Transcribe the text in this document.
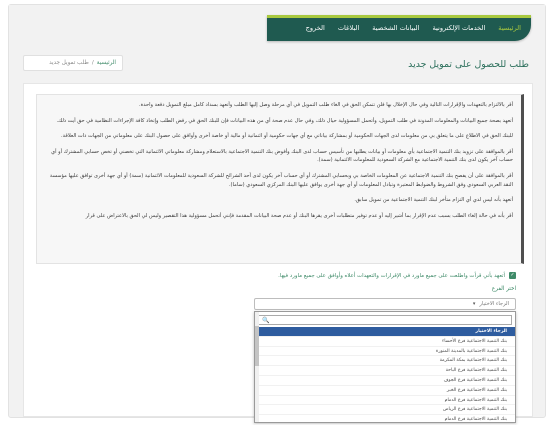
الرئيسية
الخدمات الإلكترونية
البيانات الشخصية
البلاغات
الخروج
الرئيسية
/
طلب تمويل جديد	طلب للحصول على تمويل جديد

أقر بالالتزام بالتعهدات والإقرارات التالية وفي حال الإخلال بها فلن تتمكن الحق في الغاء طلب التمويل في أي مرحلة وصل إليها الطلب وأتعهد بسداد كامل مبلغ التمويل دفعة واحدة.

أتعهد بصحة جميع البيانات والمعلومات المدونة في طلب التمويل، وأتحمل المسؤولية حيال ذلك، وفي حال عدم صحة أي من هذه البيانات فإن للبنك الحق في رفض الطلب وإتخاذ كافة الإجراءات النظامية في حق أيت ذلك.

للبنك الحق في الاطلاع على ما يتعلق بي من معلومات لدى الجهات الحكومية أو بمشاركة بياناتي مع أي جهات حكومية أو ائتمانية أو مالية أو خاصة أخرى وأوافق على حصول البنك على معلوماتي من الجهات ذات العلاقة.

أقر بالموافقة على تزويد بنك التنمية الاجتماعية بأي معلومات أو بيانات يطلبها من تأسيس حساب لدى البنك وأفوض بنك التنمية الاجتماعية بالاستعلام ومشاركة معلوماتي الائتمانية التي تخصني أو تخص حسابي المشترك أو أي حساب آخر يكون لدى بنك التنمية الاجتماعية مع الشركة السعودية للمعلومات الائتمانية (سمة).

أقر بالموافقة على أن يفصح بنك التنمية الاجتماعية عن المعلومات الخاصة بي وبحسابي المشترك أو أي حساب آخر يكون لدى أحد الشرائح للشركة السعودية للمعلومات الائتمانية (سمة) أو أي جهة أخرى توافق عليها مؤسسة النقد العربي السعودي وفق الشروط والضوابط المعتبرة وتبادل المعلومات أو أي جهة أخرى يوافق عليها البنك المركزي السعودي (ساما).

أتعهد بأنه ليس لدي أي التزام متأخر لبنك التنمية الاجتماعية من تمويل سابق.

أقر بأنه في حالة إلغاء الطلب بسبب عدم الإقرار بما أشير إليه أو عدم توفير متطلبات أخرى يقرها البنك أو عدم صحة البيانات المقدمة فإنني أتحمل مسؤولية هذا التقصير وليس لي الحق بالاعتراض على قرار

✓
أتعهد بأني قرأت واطلعت على جميع ماورد في الإقرارات والتعهدات أعلاه وأوافق على جميع ماورد فيها.
اختر الفرع
الرجاء الاختيار
▾
🔍
الرجاء الاختيار
بنك التنمية الاجتماعية فرع الأحساء
بنك التنمية الاجتماعية بالمدينة المنورة
بنك التنمية الاجتماعية بمكة المكرمة
بنك التنمية الاجتماعية فرع الباحة
بنك التنمية الاجتماعية فرع الجوف
بنك التنمية الاجتماعية فرع الخبر
بنك التنمية الاجتماعية فرع الدمام
بنك التنمية الاجتماعية فرع الرياض
بنك التنمية الاجتماعية فرع الدمام
